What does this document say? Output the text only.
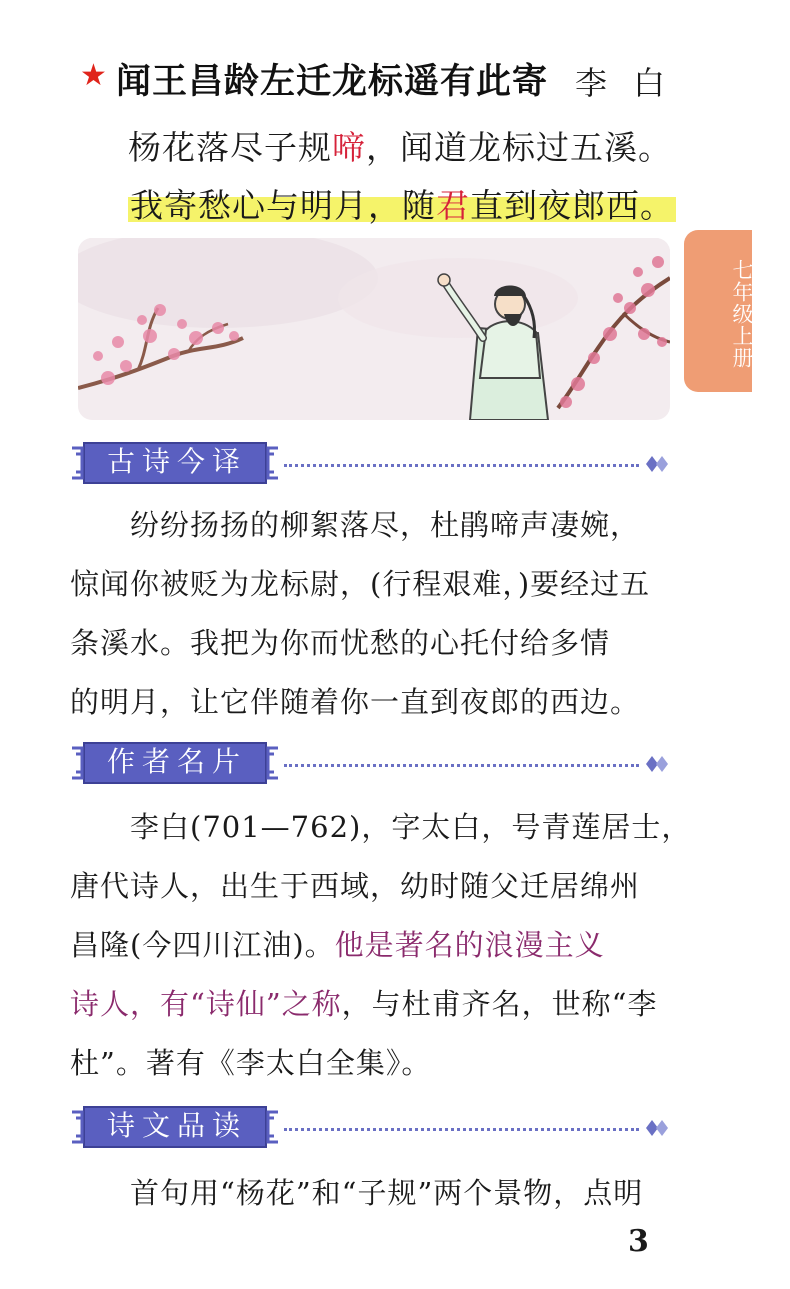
★ 闻王昌龄左迁龙标遥有此寄 李白
杨花落尽子规啼，闻道龙标过五溪。
我寄愁心与明月，随君直到夜郎西。
七年级上册
古诗今译
　　纷纷扬扬的柳絮落尽，杜鹃啼声凄婉，
惊闻你被贬为龙标尉，(行程艰难，)要经过五
条溪水。我把为你而忧愁的心托付给多情
的明月，让它伴随着你一直到夜郎的西边。
作者名片
　　李白(701—762)，字太白，号青莲居士，
唐代诗人，出生于西域，幼时随父迁居绵州
昌隆(今四川江油)。他是著名的浪漫主义
诗人，有“诗仙”之称，与杜甫齐名，世称“李
杜”。著有《李太白全集》。
诗文品读
　　首句用“杨花”和“子规”两个景物，点明
3
